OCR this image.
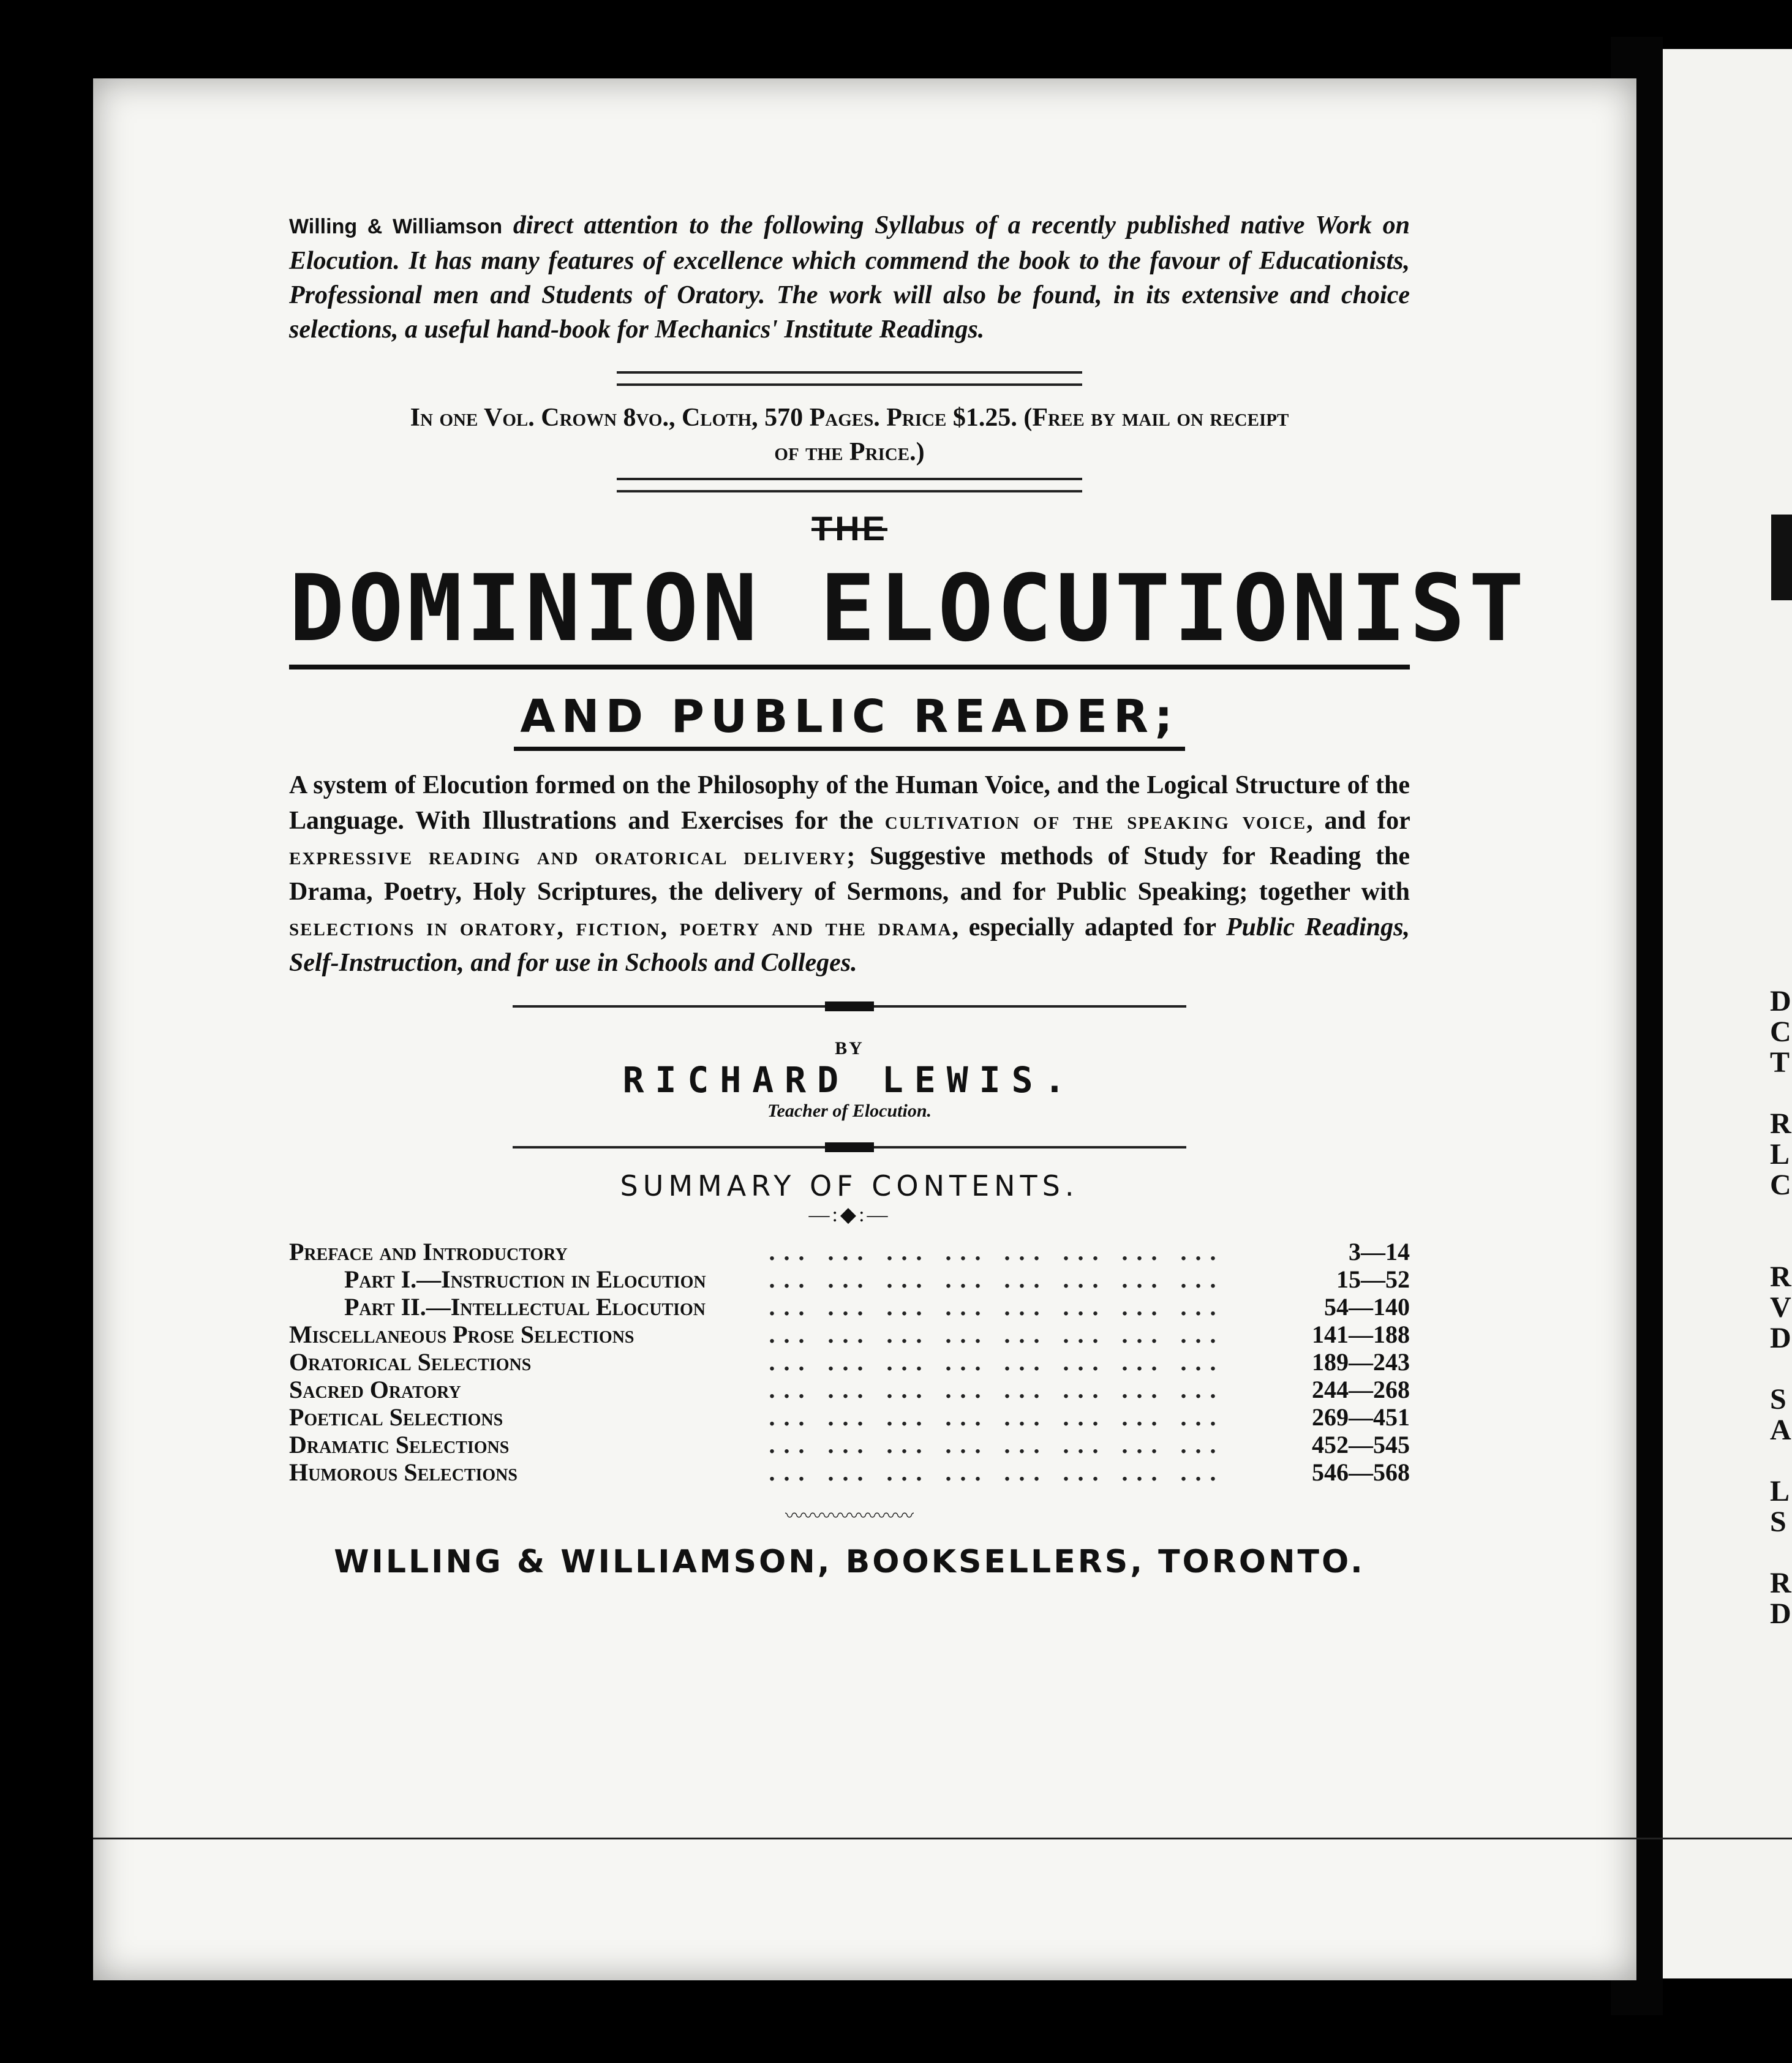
D
C
T

R
L
C

R
V
D

S
A

L
S

R
D
Willing & Williamson direct attention to the following Syllabus of a recently published native Work on Elocution. It has many features of excellence which commend the book to the favour of Educationists, Professional men and Students of Oratory. The work will also be found, in its extensive and choice selections, a useful hand-book for Mechanics' Institute Readings.
In one Vol. Crown 8vo., Cloth, 570 Pages. Price $1.25. (Free by mail on receipt
of the Price.)
THE
DOMINION ELOCUTIONIST
AND PUBLIC READER;
A system of Elocution formed on the Philosophy of the Human Voice, and the Logical Structure of the Language. With Illustrations and Exercises for the cultivation of the speaking voice, and for expressive reading and oratorical delivery; Suggestive methods of Study for Reading the Drama, Poetry, Holy Scriptures, the delivery of Sermons, and for Public Speaking; together with selections in oratory, fiction, poetry and the drama, especially adapted for Public Readings, Self-Instruction, and for use in Schools and Colleges.
BY
RICHARD LEWIS.
Teacher of Elocution.
SUMMARY OF CONTENTS.
—:◆:—
Preface and Introductory	... ... ... ... ... ... ... ...	3—14
Part I.—Instruction in Elocution	... ... ... ... ... ... ... ...	15—52
Part II.—Intellectual Elocution	... ... ... ... ... ... ... ...	54—140
Miscellaneous Prose Selections	... ... ... ... ... ... ... ...	141—188
Oratorical Selections	... ... ... ... ... ... ... ...	189—243
Sacred Oratory	... ... ... ... ... ... ... ...	244—268
Poetical Selections	... ... ... ... ... ... ... ...	269—451
Dramatic Selections	... ... ... ... ... ... ... ...	452—545
Humorous Selections	... ... ... ... ... ... ... ...	546—568
〰〰〰〰〰〰〰
WILLING & WILLIAMSON, BOOKSELLERS, TORONTO.
